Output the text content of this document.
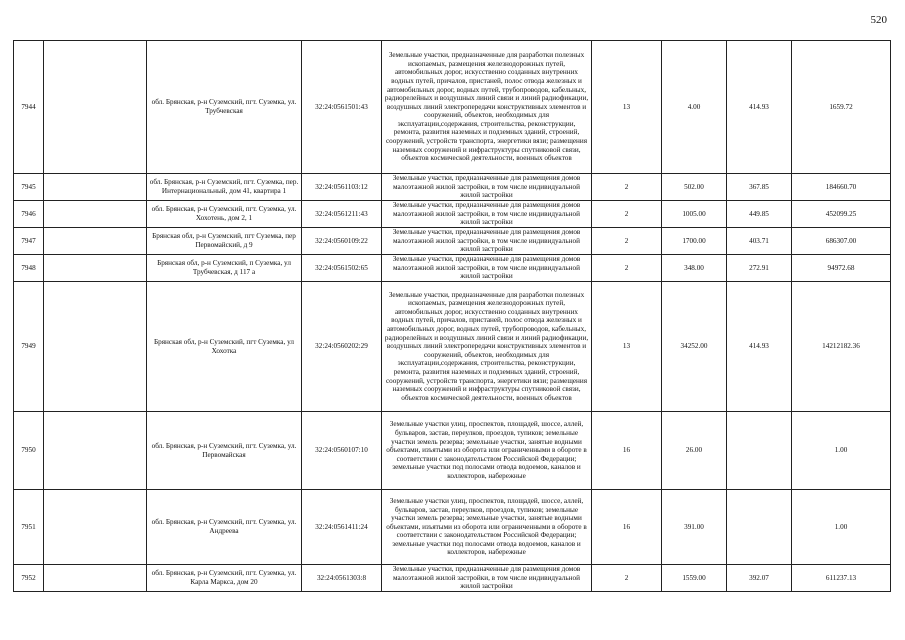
520
7944		обл. Брянская, р-н Суземский, пгт. Суземка, ул. Трубчевская	32:24:0561501:43	Земельные участки, предназначенные для разработки полезных ископаемых, размещения железнодорожных путей, автомобильных дорог, искусственно созданных внутренних водных путей, причалов, пристаней, полос отвода железных и автомобильных дорог, водных путей, трубопроводов, кабельных, радиорелейных и воздушных линий связи и линий радиофикации, воздушных линий электропередачи конструктивных элементов и сооружений, объектов, необходимых для эксплуатации,содержания, строительства, реконструкции, ремонта, развития наземных и подземных зданий, строений, сооружений, устройств транспорта, энергетики вязи; размещения наземных сооружений и инфраструктуры спутниковой связи, объектов космической деятельности, военных объектов	13	4.00	414.93	1659.72
7945		обл. Брянская, р-н Суземский, пгт. Суземка, пер. Интернациональный, дом 41, квартира 1	32:24:0561103:12	Земельные участки, предназначенные для размещения домов малоэтажной жилой застройки, в том числе индивидуальной жилой застройки	2	502.00	367.85	184660.70
7946		обл. Брянская, р-н Суземский, пгт. Суземка, ул. Хохотень, дом 2, 1	32:24:0561211:43	Земельные участки, предназначенные для размещения домов малоэтажной жилой застройки, в том числе индивидуальной жилой застройки	2	1005.00	449.85	452099.25
7947		Брянская обл, р-н Суземский, пгт Суземка, пер Первомайский, д 9	32:24:0560109:22	Земельные участки, предназначенные для размещения домов малоэтажной жилой застройки, в том числе индивидуальной жилой застройки	2	1700.00	403.71	686307.00
7948		Брянская обл, р-н Суземский, п Суземка, ул Трубчевская, д 117 а	32:24:0561502:65	Земельные участки, предназначенные для размещения домов малоэтажной жилой застройки, в том числе индивидуальной жилой застройки	2	348.00	272.91	94972.68
7949		Брянская обл, р-н Суземский, пгт Суземка, ул Хохотка	32:24:0560202:29	Земельные участки, предназначенные для разработки полезных ископаемых, размещения железнодорожных путей, автомобильных дорог, искусственно созданных внутренних водных путей, причалов, пристаней, полос отвода железных и автомобильных дорог, водных путей, трубопроводов, кабельных, радиорелейных и воздушных линий связи и линий радиофикации, воздушных линий электропередачи конструктивных элементов и сооружений, объектов, необходимых для эксплуатации,содержания, строительства, реконструкции, ремонта, развития наземных и подземных зданий, строений, сооружений, устройств транспорта, энергетики вязи; размещения наземных сооружений и инфраструктуры спутниковой связи, объектов космической деятельности, военных объектов	13	34252.00	414.93	14212182.36
7950		обл. Брянская, р-н Суземский, пгт. Суземка, ул. Первомайская	32:24:0560107:10	Земельные участки улиц, проспектов, площадей, шоссе, аллей, бульваров, застав, переулков, проездов, тупиков; земельные участки земель резерва; земельные участки, занятые водными объектами, изъятыми из оборота или ограниченными в обороте в соответствии с законодательством Российской Федерации; земельные участки под полосами отвода водоемов, каналов и коллекторов, набережные	16	26.00		1.00
7951		обл. Брянская, р-н Суземский, пгт. Суземка, ул. Андреева	32:24:0561411:24	Земельные участки улиц, проспектов, площадей, шоссе, аллей, бульваров, застав, переулков, проездов, тупиков; земельные участки земель резерва; земельные участки, занятые водными объектами, изъятыми из оборота или ограниченными в обороте в соответствии с законодательством Российской Федерации; земельные участки под полосами отвода водоемов, каналов и коллекторов, набережные	16	391.00		1.00
7952		обл. Брянская, р-н Суземский, пгт. Суземка, ул. Карла Маркса, дом 20	32:24:0561303:8	Земельные участки, предназначенные для размещения домов малоэтажной жилой застройки, в том числе индивидуальной жилой застройки	2	1559.00	392.07	611237.13
